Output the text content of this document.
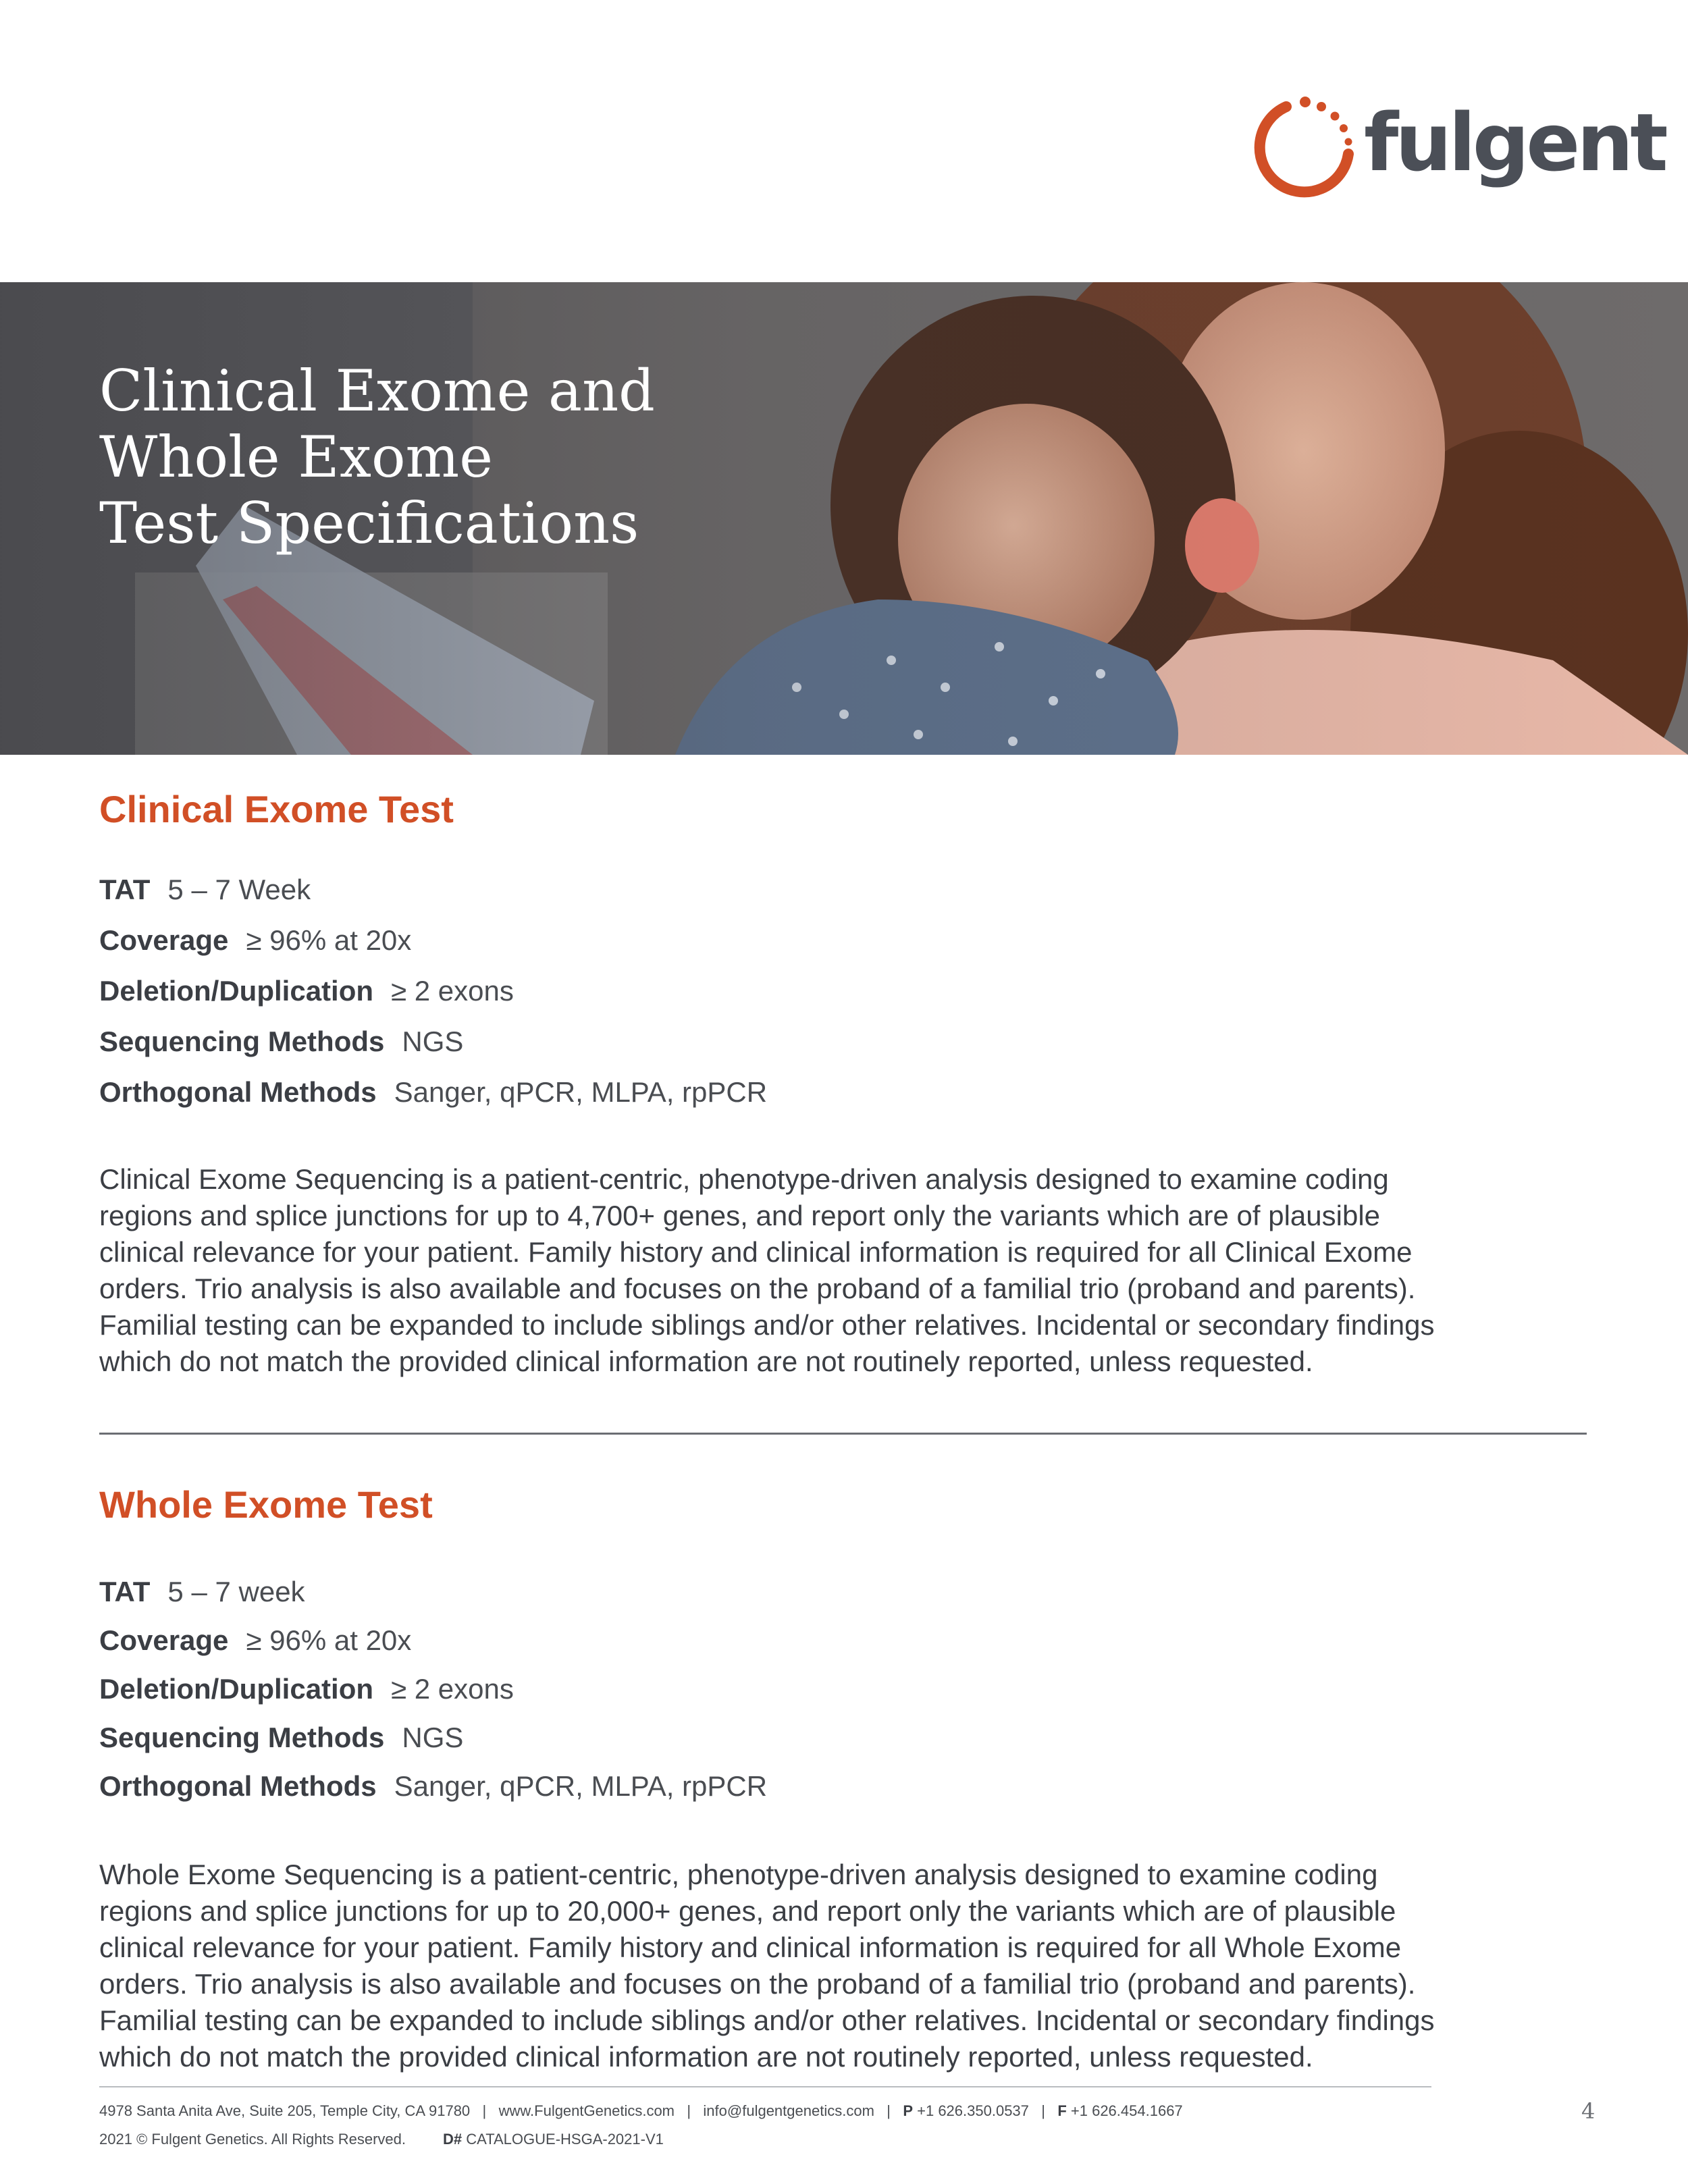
fulgent
Clinical Exome and
Whole Exome
Test Specifications
Clinical Exome Test
TAT 5 – 7 Week
Coverage ≥ 96% at 20x
Deletion/Duplication ≥ 2 exons
Sequencing Methods NGS
Orthogonal Methods Sanger, qPCR, MLPA, rpPCR
Clinical Exome Sequencing is a patient-centric, phenotype-driven analysis designed to examine coding
regions and splice junctions for up to 4,700+ genes, and report only the variants which are of plausible
clinical relevance for your patient. Family history and clinical information is required for all Clinical Exome
orders. Trio analysis is also available and focuses on the proband of a familial trio (proband and parents).
Familial testing can be expanded to include siblings and/or other relatives. Incidental or secondary findings
which do not match the provided clinical information are not routinely reported, unless requested.
Whole Exome Test
TAT 5 – 7 week
Coverage ≥ 96% at 20x
Deletion/Duplication ≥ 2 exons
Sequencing Methods NGS
Orthogonal Methods Sanger, qPCR, MLPA, rpPCR
Whole Exome Sequencing is a patient-centric, phenotype-driven analysis designed to examine coding
regions and splice junctions for up to 20,000+ genes, and report only the variants which are of plausible
clinical relevance for your patient. Family history and clinical information is required for all Whole Exome
orders. Trio analysis is also available and focuses on the proband of a familial trio (proband and parents).
Familial testing can be expanded to include siblings and/or other relatives. Incidental or secondary findings
which do not match the provided clinical information are not routinely reported, unless requested.
4978 Santa Anita Ave, Suite 205, Temple City, CA 91780 | www.FulgentGenetics.com | info@fulgentgenetics.com | P +1 626.350.0537 | F +1 626.454.1667
2021 © Fulgent Genetics. All Rights Reserved.	D# CATALOGUE-HSGA-2021-V1
4
